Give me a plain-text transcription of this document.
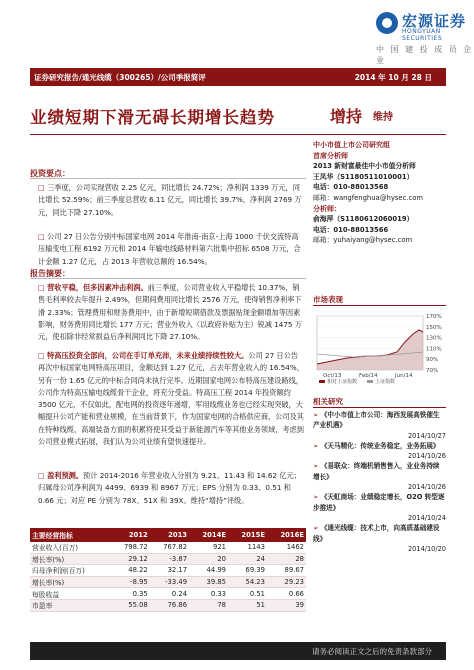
宏源证券
HONGYUAN SECURITIES
中 国 建 投 成 员 企 业
证券研究报告/通光线缆（300265）/公司季报简评	2014 年 10 月 28 日
业绩短期下滑无碍长期增长趋势	增持 维持
投资要点：
□ 三季度，公司实现营收 2.25 亿元，同比增长 24.72%；净利润 1339 万元，同比增长 52.59%；前三季度总营收 6.11 亿元，同比增长 39.7%，净利润 2769 万元，同比下降 27.10%。
□ 公司 27 日公告分别中标国家电网 2014 年淮南-南京-上海 1000 千伏交流特高压输变电工程 6192 万元和 2014 年输电线路材料第六批集中招标 6508 万元，合计金额 1.27 亿元，占 2013 年营收总额的 16.54%。
报告摘要：
□ 营收平稳，但多因素冲击利润。前三季度，公司营业收入平稳增长 10.37%，销售毛利率较去年提升 2.49%，但期间费用同比增长 2576 万元，使得销售净利率下滑 2.33%；管理费用和财务费用中，由于新增短期借款及票据贴现金额增加等因素影响，财务费用同比增长 177 万元；营业外收入（以政府补贴为主）锐减 1475 万元，使扣除非经常损益后净利润同比下降 27.10%。
□ 特高压投资全部向，公司在手订单充沛，未来业绩持续性较大。公司 27 日公告再次中标国家电网特高压项目，金额达到 1.27 亿元，占去年营业收入的 16.54%，另有一份 1.65 亿元的中标合同尚未执行完毕。近期国家电网公布特高压建设路线，公司作为特高压输电线缆骨干企业，将充分受益。特高压工程 2014 年投资额约 3500 亿元，不仅如此，配电网的投资逐年递增，军用线缆业务也已经实现突破，大幅提升公司产能和营业规模，在当前背景下，作为国家电网的合格供应商，公司及其在特种线缆、高端装备方面的积累将使其受益于新能源汽车等其他业务领域，考虑到公司营业模式拓展，我们认为公司业绩有望快速提升。
□ 盈利预测。预计 2014-2016 年营业收入分别为 9.21、11.43 和 14.62 亿元；归属母公司净利润为 4499、6939 和 8967 万元；EPS 分别为 0.33、0.51 和 0.66 元；对应 PE 分别为 78X、51X 和 39X。维持“增持”评级。
主要经营指标	2012	2013	2014E	2015E	2016E
营业收入(百万)	798.72	767.82	921	1143	1462
增长率(%)	29.12	-3.87	20	24	28
归母净利润(百万)	48.22	32.17	44.99	69.39	89.67
增长率(%)	-8.95	-33.49	39.85	54.23	29.23
每股收益	0.35	0.24	0.33	0.51	0.66
市盈率	55.08	76.86	78	51	39
中小市值上市公司研究组
首席分析师
2013 新财富最佳中小市值分析师
王凤华（S1180511010001）
电话：010-88013568
邮箱：wangfenghua@hysec.com
分析师：
俞海萍（S1180612060019）
电话：010-88013566
邮箱：yuhaiyang@hysec.com
市场表现
170%
150%
130%
110%
90%
70%
Oct/13	Feb/14	Jun/14
相对上证指数	上证指数
相关研究
➢ 《中小市值上市公司：海西发展高铁催生产业机遇》
2014/10/27
➢ 《天马精化：传统业务稳定，业务拓展》
2014/10/26
➢ 《易联众：终端机销售售入，业业务持续增长》
2014/10/26
➢ 《天虹商场：业绩稳定增长，O2O 转型逐步推进》
2014/10/24
➢ 《通光线缆：技术上市，向高质基础建设线》
2014/10/20
请务必阅读正文之后的免责条款部分
